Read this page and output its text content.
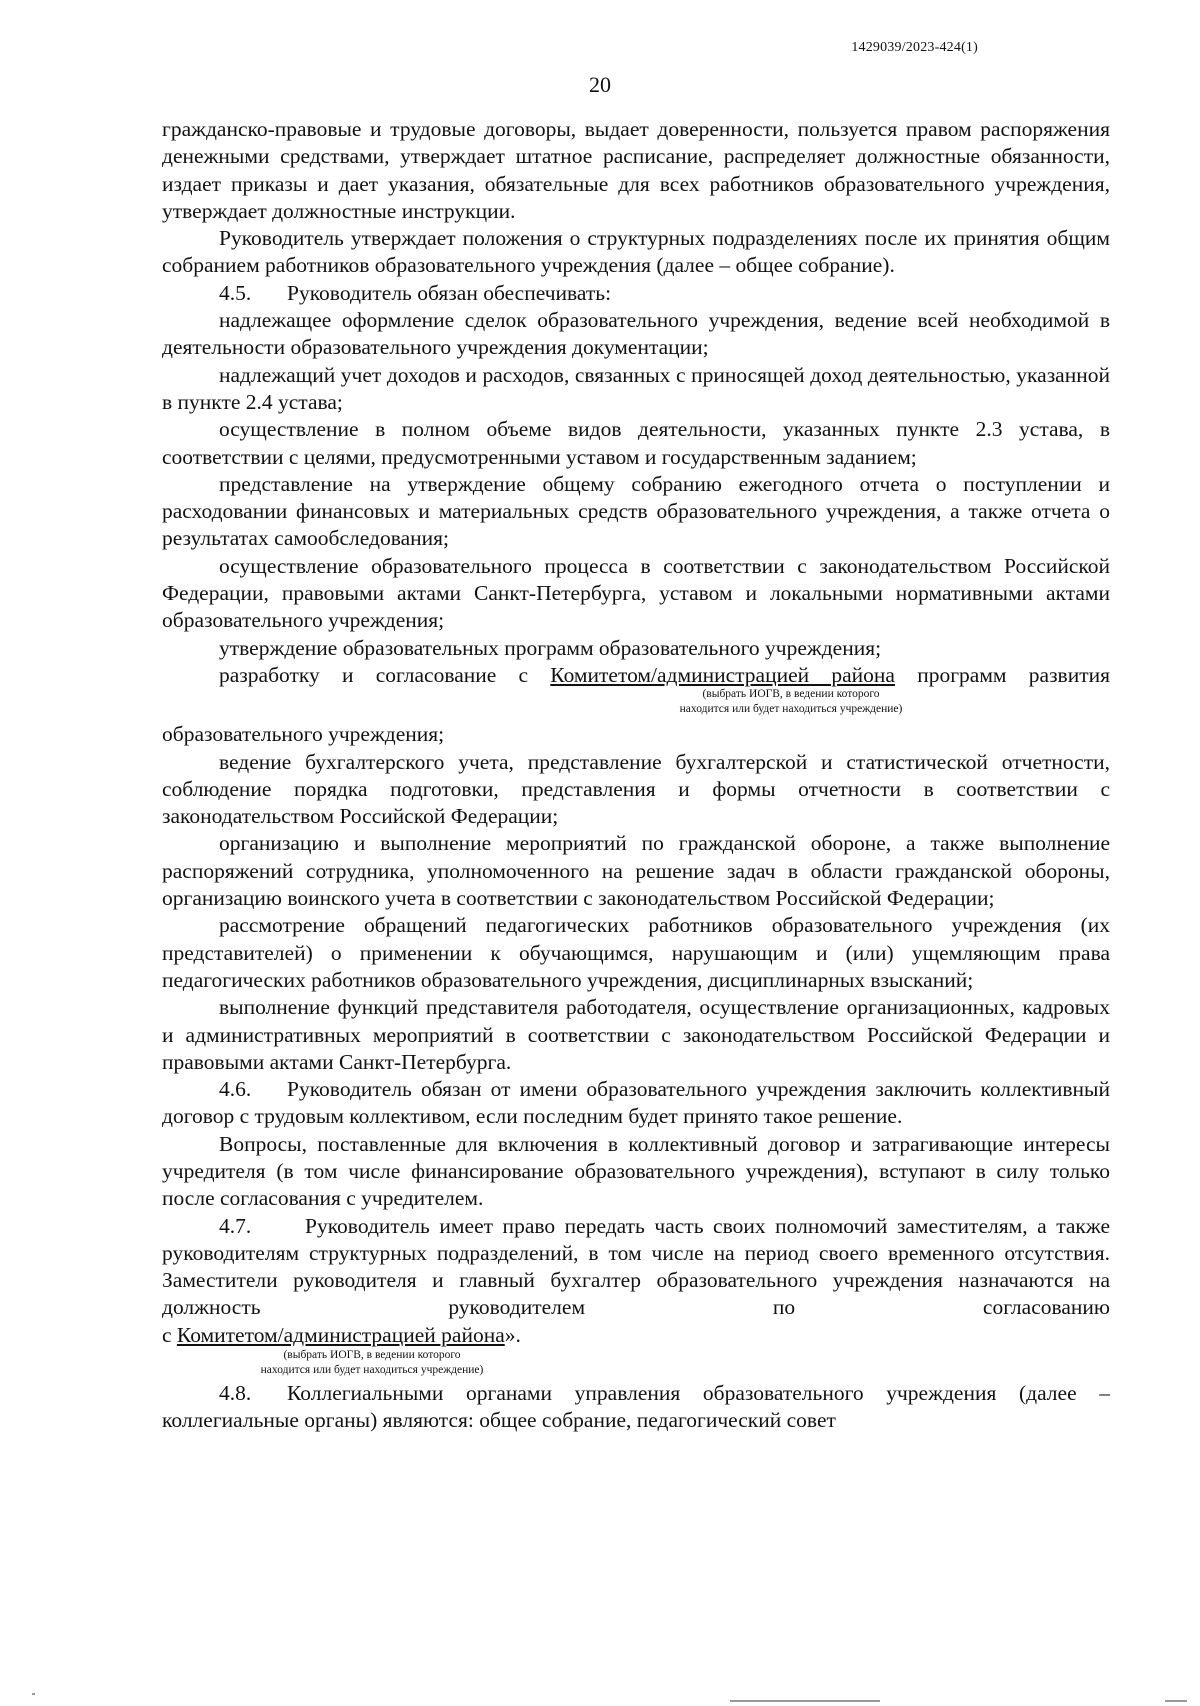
1429039/2023-424(1)
20

гражданско-правовые и трудовые договоры, выдает доверенности, пользуется правом распоряжения денежными средствами, утверждает штатное расписание, распределяет должностные обязанности, издает приказы и дает указания, обязательные для всех работников образовательного учреждения, утверждает должностные инструкции.

Руководитель утверждает положения о структурных подразделениях после их принятия общим собранием работников образовательного учреждения (далее – общее собрание).

4.5. Руководитель обязан обеспечивать:

надлежащее оформление сделок образовательного учреждения, ведение всей необходимой в деятельности образовательного учреждения документации;

надлежащий учет доходов и расходов, связанных с приносящей доход деятельностью, указанной в пункте 2.4 устава;

осуществление в полном объеме видов деятельности, указанных пункте 2.3 устава, в соответствии с целями, предусмотренными уставом и государственным заданием;

представление на утверждение общему собранию ежегодного отчета о поступлении и расходовании финансовых и материальных средств образовательного учреждения, а также отчета о результатах самообследования;

осуществление образовательного процесса в соответствии с законодательством Российской Федерации, правовыми актами Санкт-Петербурга, уставом и локальными нормативными актами образовательного учреждения;

утверждение образовательных программ образовательного учреждения;

разработку и согласование с Комитетом/администрацией района программ развития

(выбрать ИОГВ, в ведении которого
находится или будет находиться учреждение)

образовательного учреждения;

ведение бухгалтерского учета, представление бухгалтерской и статистической отчетности, соблюдение порядка подготовки, представления и формы отчетности в соответствии с законодательством Российской Федерации;

организацию и выполнение мероприятий по гражданской обороне, а также выполнение распоряжений сотрудника, уполномоченного на решение задач в области гражданской обороны, организацию воинского учета в соответствии с законодательством Российской Федерации;

рассмотрение обращений педагогических работников образовательного учреждения (их представителей) о применении к обучающимся, нарушающим и (или) ущемляющим права педагогических работников образовательного учреждения, дисциплинарных взысканий;

выполнение функций представителя работодателя, осуществление организационных, кадровых и административных мероприятий в соответствии с законодательством Российской Федерации и правовыми актами Санкт-Петербурга.

4.6. Руководитель обязан от имени образовательного учреждения заключить коллективный договор с трудовым коллективом, если последним будет принято такое решение.

Вопросы, поставленные для включения в коллективный договор и затрагивающие интересы учредителя (в том числе финансирование образовательного учреждения), вступают в силу только после согласования с учредителем.

4.7.	Руководитель имеет право передать часть своих полномочий заместителям, а также руководителям структурных подразделений, в том числе на период своего временного отсутствия. Заместители руководителя и главный бухгалтер образовательного учреждения назначаются на должность руководителем по согласованию

с Комитетом/администрацией района».

(выбрать ИОГВ, в ведении которого
находится или будет находиться учреждение)

4.8. Коллегиальными органами управления образовательного учреждения (далее – коллегиальные органы) являются: общее собрание, педагогический совет
